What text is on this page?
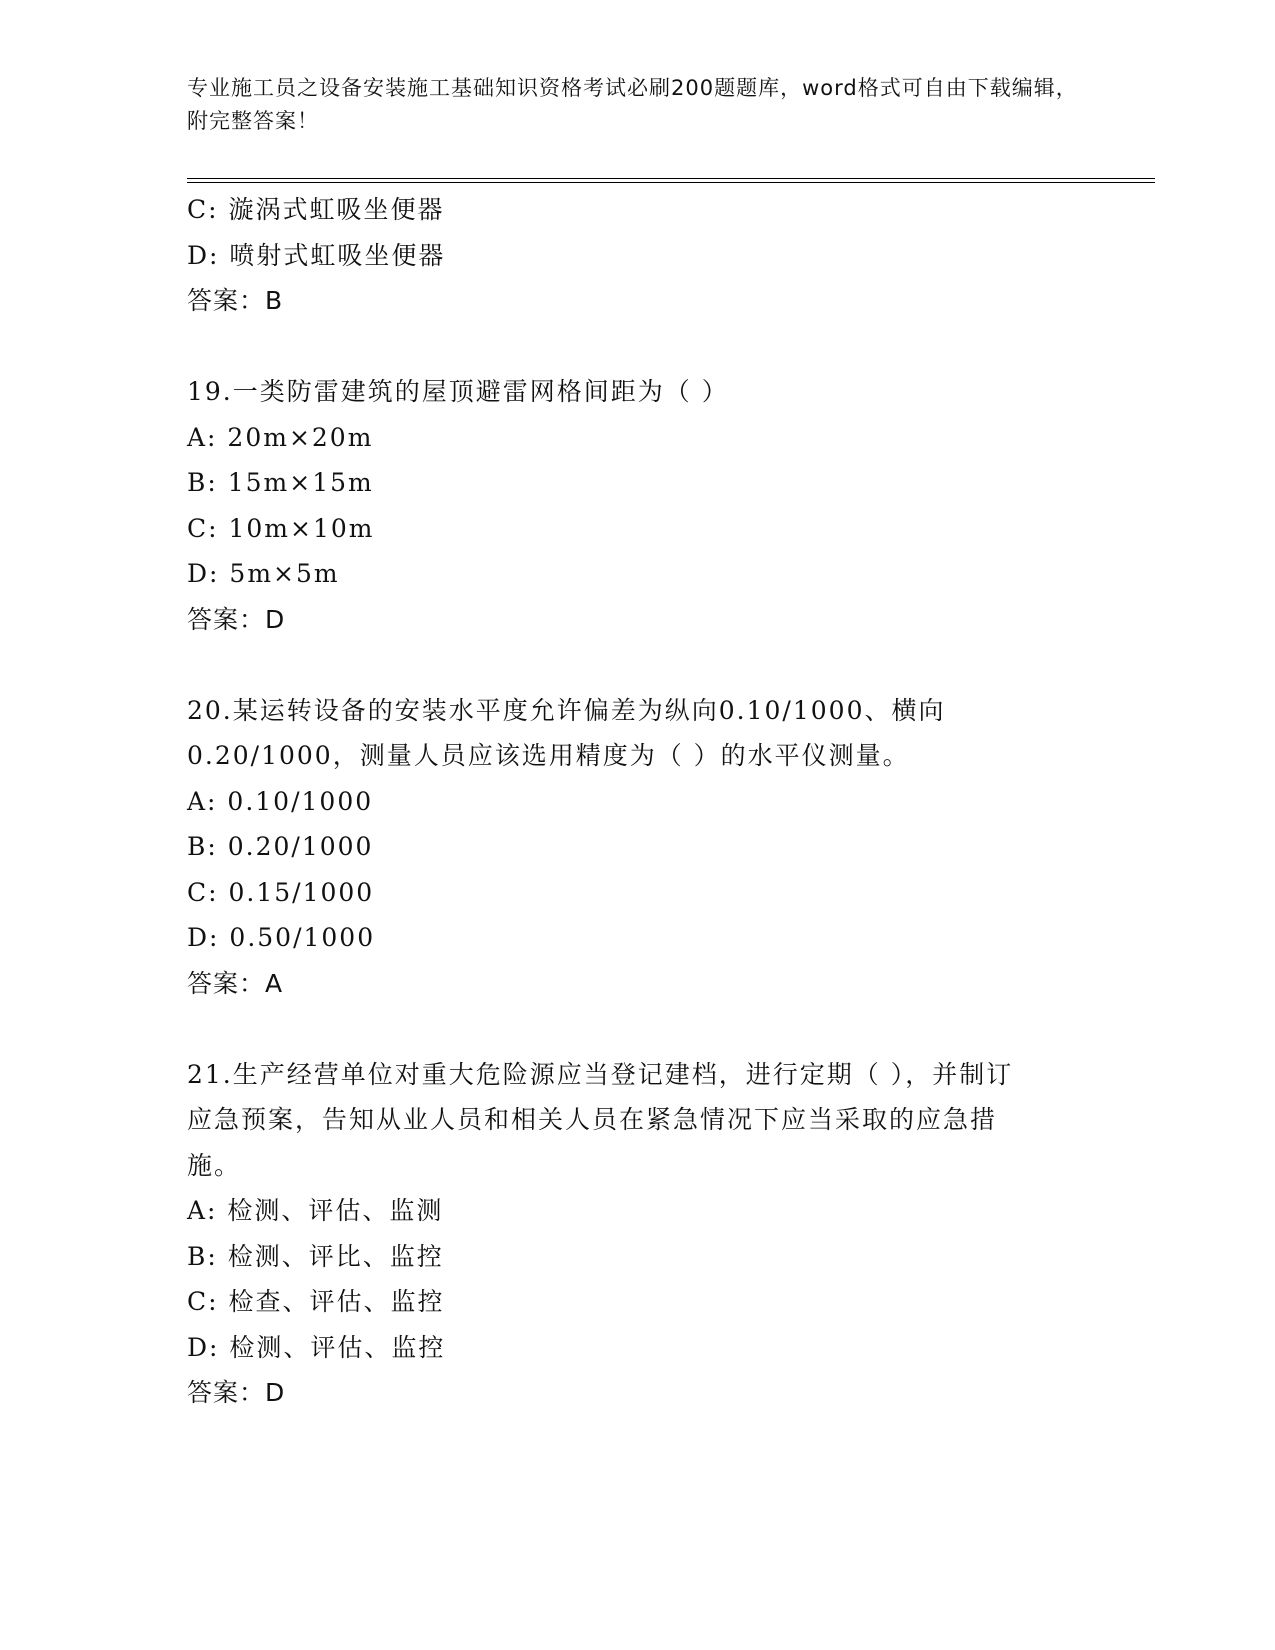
专业施工员之设备安装施工基础知识资格考试必刷200题题库，word格式可自由下载编辑，附完整答案！
C: 漩涡式虹吸坐便器
D: 喷射式虹吸坐便器
答案：B
19.一类防雷建筑的屋顶避雷网格间距为（ ）
A: 20m×20m
B: 15m×15m
C: 10m×10m
D: 5m×5m
答案：D
20.某运转设备的安装水平度允许偏差为纵向0.10/1000、横向0.20/1000，测量人员应该选用精度为（ ）的水平仪测量。
A: 0.10/1000
B: 0.20/1000
C: 0.15/1000
D: 0.50/1000
答案：A
21.生产经营单位对重大危险源应当登记建档，进行定期（ ），并制订应急预案，告知从业人员和相关人员在紧急情况下应当采取的应急措施。
A: 检测、评估、监测
B: 检测、评比、监控
C: 检查、评估、监控
D: 检测、评估、监控
答案：D
